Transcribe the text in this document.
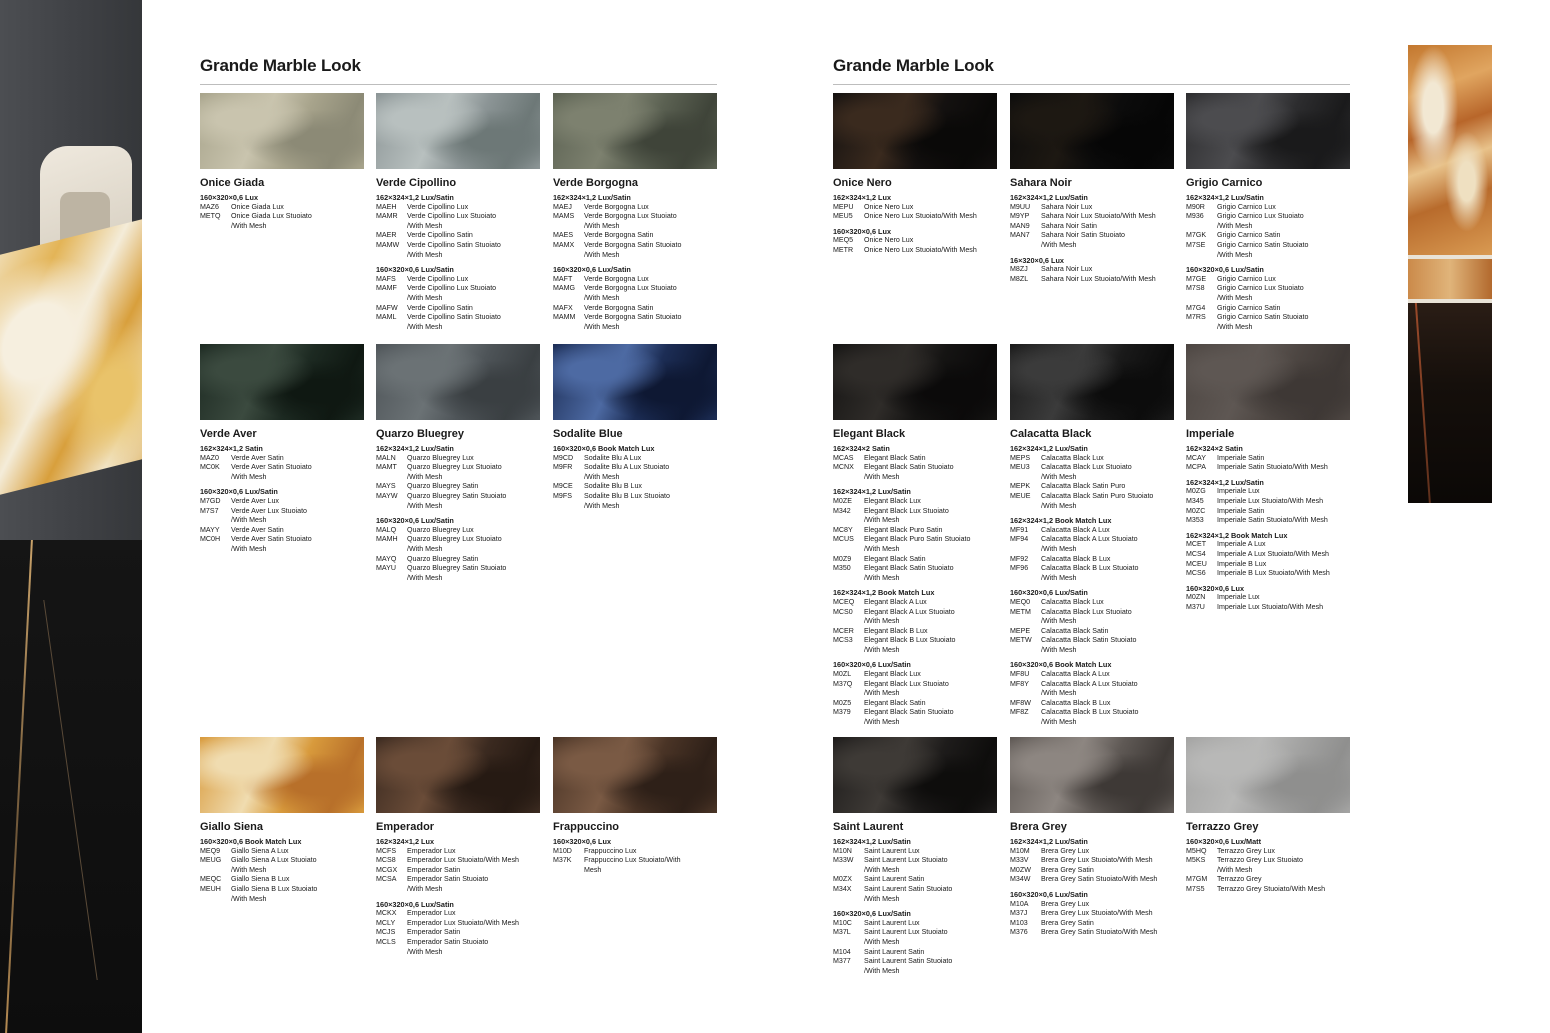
Grande Marble Look	Grande Marble Look
Onice Giada
160×320×0,6 Lux
MAZ6	Onice Giada Lux
METQ	Onice Giada Lux Stuoiato
/With Mesh
Verde Cipollino
162×324×1,2 Lux/Satin
MAEH	Verde Cipollino Lux
MAMR	Verde Cipollino Lux Stuoiato
/With Mesh
MAER	Verde Cipollino Satin
MAMW	Verde Cipollino Satin Stuoiato
/With Mesh
160×320×0,6 Lux/Satin
MAFS	Verde Cipollino Lux
MAMF	Verde Cipollino Lux Stuoiato
/With Mesh
MAFW	Verde Cipollino Satin
MAML	Verde Cipollino Satin Stuoiato
/With Mesh
Verde Borgogna
162×324×1,2 Lux/Satin
MAEJ	Verde Borgogna Lux
MAMS	Verde Borgogna Lux Stuoiato
/With Mesh
MAES	Verde Borgogna Satin
MAMX	Verde Borgogna Satin Stuoiato
/With Mesh
160×320×0,6 Lux/Satin
MAFT	Verde Borgogna Lux
MAMG	Verde Borgogna Lux Stuoiato
/With Mesh
MAFX	Verde Borgogna Satin
MAMM	Verde Borgogna Satin Stuoiato
/With Mesh
Verde Aver
162×324×1,2 Satin
MAZ0	Verde Aver Satin
MC0K	Verde Aver Satin Stuoiato
/With Mesh
160×320×0,6 Lux/Satin
M7GD	Verde Aver Lux
M7S7	Verde Aver Lux Stuoiato
/With Mesh
MAYY	Verde Aver Satin
MC0H	Verde Aver Satin Stuoiato
/With Mesh
Quarzo Bluegrey
162×324×1,2 Lux/Satin
MALN	Quarzo Bluegrey Lux
MAMT	Quarzo Bluegrey Lux Stuoiato
/With Mesh
MAYS	Quarzo Bluegrey Satin
MAYW	Quarzo Bluegrey Satin Stuoiato
/With Mesh
160×320×0,6 Lux/Satin
MALQ	Quarzo Bluegrey Lux
MAMH	Quarzo Bluegrey Lux Stuoiato
/With Mesh
MAYQ	Quarzo Bluegrey Satin
MAYU	Quarzo Bluegrey Satin Stuoiato
/With Mesh
Sodalite Blue
160×320×0,6 Book Match Lux
M9CD	Sodalite Blu A Lux
M9FR	Sodalite Blu A Lux Stuoiato
/With Mesh
M9CE	Sodalite Blu B Lux
M9FS	Sodalite Blu B Lux Stuoiato
/With Mesh
Giallo Siena
160×320×0,6 Book Match Lux
MEQ9	Giallo Siena A Lux
MEUG	Giallo Siena A Lux Stuoiato
/With Mesh
MEQC	Giallo Siena B Lux
MEUH	Giallo Siena B Lux Stuoiato
/With Mesh
Emperador
162×324×1,2 Lux
MCFS	Emperador Lux
MCS8	Emperador Lux Stuoiato/With Mesh
MCGX	Emperador Satin
MCSA	Emperador Satin Stuoiato
/With Mesh
160×320×0,6 Lux/Satin
MCKX	Emperador Lux
MCLY	Emperador Lux Stuoiato/With Mesh
MCJS	Emperador Satin
MCLS	Emperador Satin Stuoiato
/With Mesh
Frappuccino
160×320×0,6 Lux
M10D	Frappuccino Lux
M37K	Frappuccino Lux Stuoiato/With
Mesh
Onice Nero
162×324×1,2 Lux
MEPU	Onice Nero Lux
MEU5	Onice Nero Lux Stuoiato/With Mesh
160×320×0,6 Lux
MEQ5	Onice Nero Lux
METR	Onice Nero Lux Stuoiato/With Mesh
Sahara Noir
162×324×1,2 Lux/Satin
M9UU	Sahara Noir Lux
M9YP	Sahara Noir Lux Stuoiato/With Mesh
MAN9	Sahara Noir Satin
MAN7	Sahara Noir Satin Stuoiato
/With Mesh
16×320×0,6 Lux
M8ZJ	Sahara Noir Lux
M8ZL	Sahara Noir Lux Stuoiato/With Mesh
Grigio Carnico
162×324×1,2 Lux/Satin
M90R	Grigio Carnico Lux
M936	Grigio Carnico Lux Stuoiato
/With Mesh
M7GK	Grigio Carnico Satin
M7SE	Grigio Carnico Satin Stuoiato
/With Mesh
160×320×0,6 Lux/Satin
M7GE	Grigio Carnico Lux
M7S8	Grigio Carnico Lux Stuoiato
/With Mesh
M7G4	Grigio Carnico Satin
M7RS	Grigio Carnico Satin Stuoiato
/With Mesh
Elegant Black
162×324×2 Satin
MCAS	Elegant Black Satin
MCNX	Elegant Black Satin Stuoiato
/With Mesh
162×324×1,2 Lux/Satin
M0ZE	Elegant Black Lux
M342	Elegant Black Lux Stuoiato
/With Mesh
MC8Y	Elegant Black Puro Satin
MCUS	Elegant Black Puro Satin Stuoiato
/With Mesh
M0Z9	Elegant Black Satin
M350	Elegant Black Satin Stuoiato
/With Mesh
162×324×1,2 Book Match Lux
MCEQ	Elegant Black A Lux
MCS0	Elegant Black A Lux Stuoiato
/With Mesh
MCER	Elegant Black B Lux
MCS3	Elegant Black B Lux Stuoiato
/With Mesh
160×320×0,6 Lux/Satin
M0ZL	Elegant Black Lux
M37Q	Elegant Black Lux Stuoiato
/With Mesh
M0Z5	Elegant Black Satin
M379	Elegant Black Satin Stuoiato
/With Mesh
Calacatta Black
162×324×1,2 Lux/Satin
MEPS	Calacatta Black Lux
MEU3	Calacatta Black Lux Stuoiato
/With Mesh
MEPK	Calacatta Black Satin Puro
MEUE	Calacatta Black Satin Puro Stuoiato
/With Mesh
162×324×1,2 Book Match Lux
MF91	Calacatta Black A Lux
MF94	Calacatta Black A Lux Stuoiato
/With Mesh
MF92	Calacatta Black B Lux
MF96	Calacatta Black B Lux Stuoiato
/With Mesh
160×320×0,6 Lux/Satin
MEQ0	Calacatta Black Lux
METM	Calacatta Black Lux Stuoiato
/With Mesh
MEPE	Calacatta Black Satin
METW	Calacatta Black Satin Stuoiato
/With Mesh
160×320×0,6 Book Match Lux
MF8U	Calacatta Black A Lux
MF8Y	Calacatta Black A Lux Stuoiato
/With Mesh
MF8W	Calacatta Black B Lux
MF8Z	Calacatta Black B Lux Stuoiato
/With Mesh
Imperiale
162×324×2 Satin
MCAY	Imperiale Satin
MCPA	Imperiale Satin Stuoiato/With Mesh
162×324×1,2 Lux/Satin
M0ZG	Imperiale Lux
M345	Imperiale Lux Stuoiato/With Mesh
M0ZC	Imperiale Satin
M353	Imperiale Satin Stuoiato/With Mesh
162×324×1,2 Book Match Lux
MCET	Imperiale A Lux
MCS4	Imperiale A Lux Stuoiato/With Mesh
MCEU	Imperiale B Lux
MCS6	Imperiale B Lux Stuoiato/With Mesh
160×320×0,6 Lux
M0ZN	Imperiale Lux
M37U	Imperiale Lux Stuoiato/With Mesh
Saint Laurent
162×324×1,2 Lux/Satin
M10N	Saint Laurent Lux
M33W	Saint Laurent Lux Stuoiato
/With Mesh
M0ZX	Saint Laurent Satin
M34X	Saint Laurent Satin Stuoiato
/With Mesh
160×320×0,6 Lux/Satin
M10C	Saint Laurent Lux
M37L	Saint Laurent Lux Stuoiato
/With Mesh
M104	Saint Laurent Satin
M377	Saint Laurent Satin Stuoiato
/With Mesh
Brera Grey
162×324×1,2 Lux/Satin
M10M	Brera Grey Lux
M33V	Brera Grey Lux Stuoiato/With Mesh
M0ZW	Brera Grey Satin
M34W	Brera Grey Satin Stuoiato/With Mesh
160×320×0,6 Lux/Satin
M10A	Brera Grey Lux
M37J	Brera Grey Lux Stuoiato/With Mesh
M103	Brera Grey Satin
M376	Brera Grey Satin Stuoiato/With Mesh
Terrazzo Grey
160×320×0,6 Lux/Matt
M5HQ	Terrazzo Grey Lux
M5KS	Terrazzo Grey Lux Stuoiato
/With Mesh
M7GM	Terrazzo Grey
M7S5	Terrazzo Grey Stuoiato/With Mesh
